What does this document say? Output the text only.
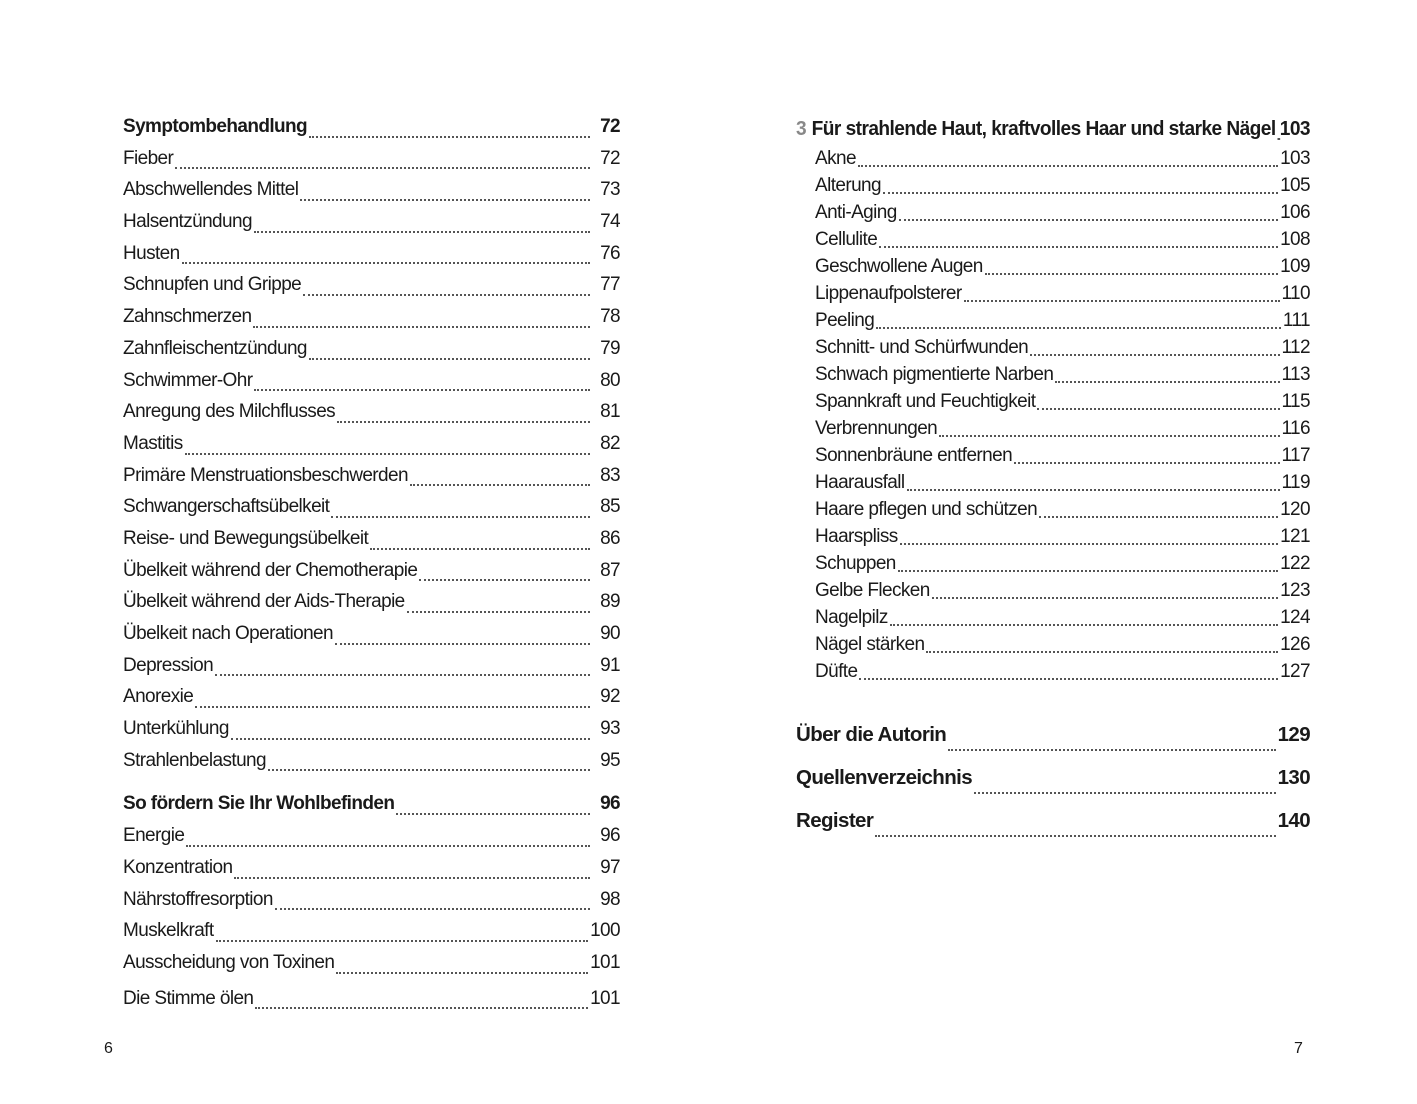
Symptombehandlung	72
Fieber	72
Abschwellendes Mittel	73
Halsentzündung	74
Husten	76
Schnupfen und Grippe	77
Zahnschmerzen	78
Zahnfleischentzündung	79
Schwimmer-Ohr	80
Anregung des Milchflusses	81
Mastitis	82
Primäre Menstruationsbeschwerden	83
Schwangerschaftsübelkeit	85
Reise- und Bewegungsübelkeit	86
Übelkeit während der Chemotherapie	87
Übelkeit während der Aids-Therapie	89
Übelkeit nach Operationen	90
Depression	91
Anorexie	92
Unterkühlung	93
Strahlenbelastung	95
So fördern Sie Ihr Wohlbefinden	96
Energie	96
Konzentration	97
Nährstoffresorption	98
Muskelkraft	100
Ausscheidung von Toxinen	101
Die Stimme ölen	101
6
3 Für strahlende Haut, kraftvolles Haar und starke Nägel 103
Akne	103
Alterung	105
Anti-Aging	106
Cellulite	108
Geschwollene Augen	109
Lippenaufpolsterer	110
Peeling	111
Schnitt- und Schürfwunden	112
Schwach pigmentierte Narben	113
Spannkraft und Feuchtigkeit	115
Verbrennungen	116
Sonnenbräune entfernen	117
Haarausfall	119
Haare pflegen und schützen	120
Haarspliss	121
Schuppen	122
Gelbe Flecken	123
Nagelpilz	124
Nägel stärken	126
Düfte	127
Über die Autorin	129
Quellenverzeichnis	130
Register	140
7
